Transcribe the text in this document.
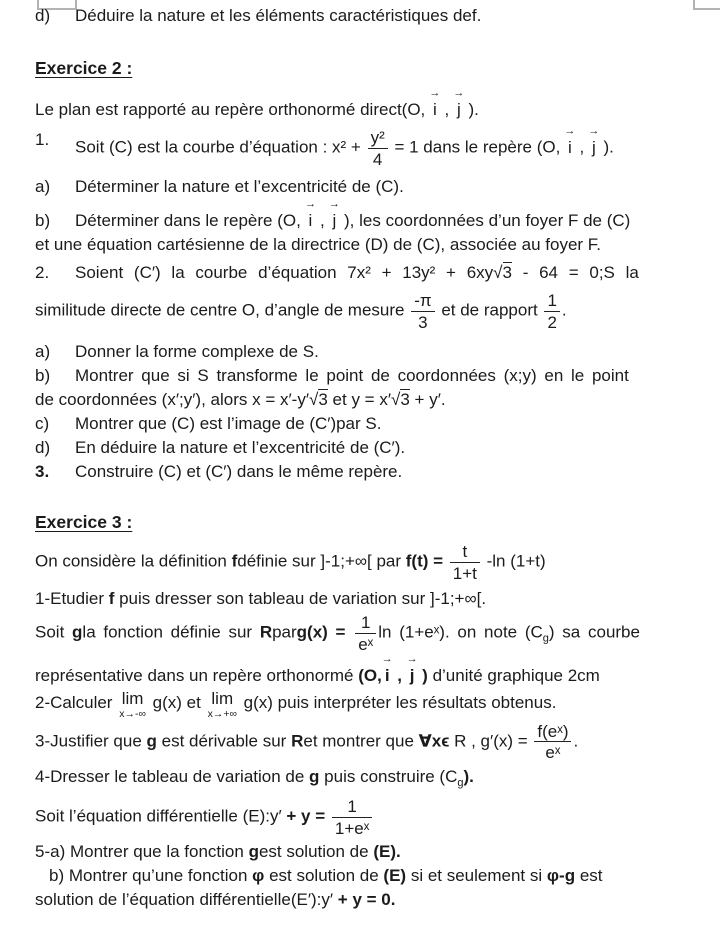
d)	Déduire la nature et les éléments caractéristiques def.
Exercice 2 :
Le plan est rapporté au repère orthonormé direct(O,
→
i ,
→
j ).
1.	Soit (C) est la courbe d’équation : $x^2 + \frac{\text{y²}}{4} = 1$ dans le repère (O,
→
i ,
→
j ).
a)	Déterminer la nature et l’excentricité de (C).
b)	Déterminer dans le repère (O,
→
i ,
→
j ), les coordonnées d’un foyer F de (C)
et une équation cartésienne de la directrice (D) de (C), associée au foyer F.
2.	Soient (C′) la courbe d’équation 7x² + 13y² + 6xy√3 - 64 = 0;S la
similitude directe de centre O, d’angle de mesure $\frac{-\pi}{3}$ et de rapport $\frac{1}{2}$ .
a)	Donner la forme complexe de S.
b)	Montrer que si S transforme le point de coordonnées (x;y) en le point
de coordonnées (x′;y′), alors x = x′-y′√3 et y = x′√3 + y′.
c)	Montrer que (C) est l’image de (C′)par S.
d)	En déduire la nature et l’excentricité de (C′).
3.	Construire (C) et (C′) dans le même repère.
Exercice 3 :
On considère la définition fdéfinie sur ]-1;+∞[ par $f(t) = \frac{t}{1+t} -\ln$ (1+t)
1-Etudier f puis dresser son tableau de variation sur ]-1;+∞[.
Soit gla fonction définie sur Rparg(x) = $\frac{1}{\text{eˣ}}$ ln (1+eˣ). on note $(C_g)$ sa courbe
représentative dans un repère orthonormé (O,
→
i ,
→
j ) d’unité graphique 2cm
2-Calculer lim
x→-∞
g(x) et lim
x→+∞
g(x) puis interpréter les résultats obtenus.
3-Justifier que g est dérivable sur Ret montrer que ∀xϵ R , $g'(x) = \frac{\text{f(eˣ)}}{\text{eˣ}}$ .
4-Dresser le tableau de variation de g puis construire $(C_g)$.
Soit l’équation différentielle (E):y′ + $y = \frac{1}{\text{1+eˣ}}$
5-a) Montrer que la fonction gest solution de (E).
b) Montrer qu’une fonction φ est solution de (E) si et seulement si φ-g est
solution de l’équation différentielle(E′):y′ + y = 0.
